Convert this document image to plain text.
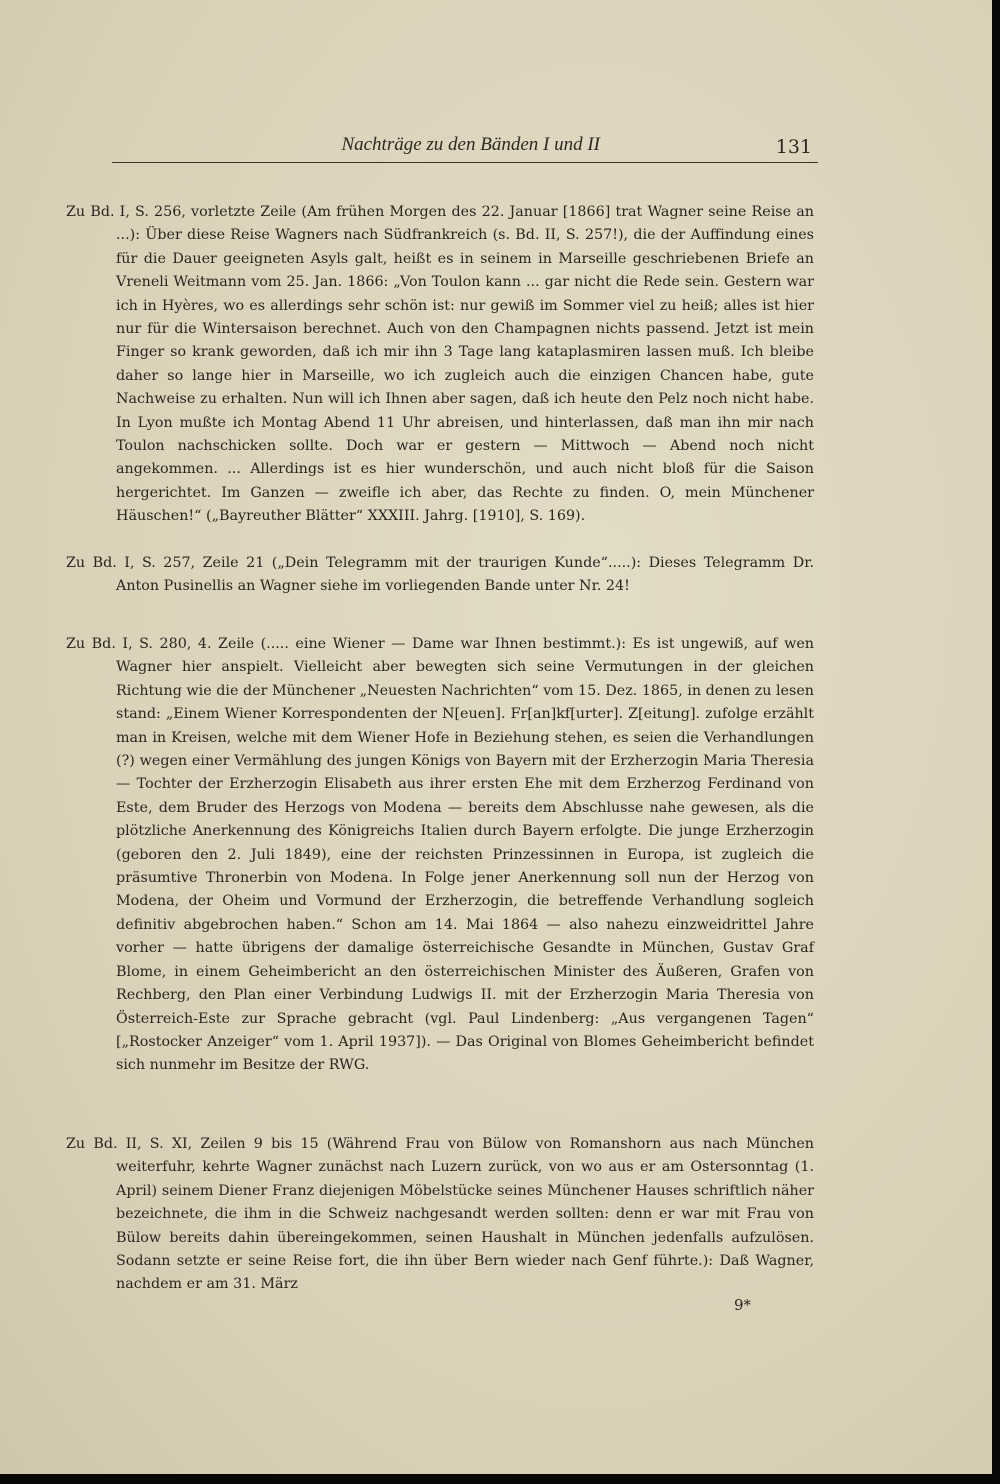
Nachträge zu den Bänden I und II	131

Zu Bd. I, S. 256, vorletzte Zeile (Am frühen Morgen des 22. Januar [1866] trat Wagner seine Reise an ...): Über diese Reise Wagners nach Südfrankreich (s. Bd. II, S. 257!), die der Auffindung eines für die Dauer geeigneten Asyls galt, heißt es in seinem in Marseille geschriebenen Briefe an Vreneli Weitmann vom 25. Jan. 1866: „Von Toulon kann ... gar nicht die Rede sein. Gestern war ich in Hyères, wo es allerdings sehr schön ist: nur gewiß im Sommer viel zu heiß; alles ist hier nur für die Wintersaison berechnet. Auch von den Champagnen nichts passend. Jetzt ist mein Finger so krank geworden, daß ich mir ihn 3 Tage lang kataplasmiren lassen muß. Ich bleibe daher so lange hier in Marseille, wo ich zugleich auch die einzigen Chancen habe, gute Nachweise zu erhalten. Nun will ich Ihnen aber sagen, daß ich heute den Pelz noch nicht habe. In Lyon mußte ich Montag Abend 11 Uhr abreisen, und hinterlassen, daß man ihn mir nach Toulon nachschicken sollte. Doch war er gestern — Mittwoch — Abend noch nicht angekommen. ... Allerdings ist es hier wunderschön, und auch nicht bloß für die Saison hergerichtet. Im Ganzen — zweifle ich aber, das Rechte zu finden. O, mein Münchener Häuschen!“ („Bayreuther Blätter“ XXXIII. Jahrg. [1910], S. 169).

Zu Bd. I, S. 257, Zeile 21 („Dein Telegramm mit der traurigen Kunde“.....): Dieses Telegramm Dr. Anton Pusinellis an Wagner siehe im vorliegenden Bande unter Nr. 24!

Zu Bd. I, S. 280, 4. Zeile (..... eine Wiener — Dame war Ihnen bestimmt.): Es ist ungewiß, auf wen Wagner hier anspielt. Vielleicht aber bewegten sich seine Vermutungen in der gleichen Richtung wie die der Münchener „Neuesten Nachrichten“ vom 15. Dez. 1865, in denen zu lesen stand: „Einem Wiener Korrespondenten der N[euen]. Fr[an]kf[urter]. Z[eitung]. zufolge erzählt man in Kreisen, welche mit dem Wiener Hofe in Beziehung stehen, es seien die Verhandlungen (?) wegen einer Vermählung des jungen Königs von Bayern mit der Erzherzogin Maria Theresia — Tochter der Erzherzogin Elisabeth aus ihrer ersten Ehe mit dem Erzherzog Ferdinand von Este, dem Bruder des Herzogs von Modena — bereits dem Abschlusse nahe gewesen, als die plötzliche Anerkennung des Königreichs Italien durch Bayern erfolgte. Die junge Erzherzogin (geboren den 2. Juli 1849), eine der reichsten Prinzessinnen in Europa, ist zugleich die präsumtive Thronerbin von Modena. In Folge jener Anerkennung soll nun der Herzog von Modena, der Oheim und Vormund der Erzherzogin, die betreffende Verhandlung sogleich definitiv abgebrochen haben.“ Schon am 14. Mai 1864 — also nahezu einzweidrittel Jahre vorher — hatte übrigens der damalige österreichische Gesandte in München, Gustav Graf Blome, in einem Geheimbericht an den österreichischen Minister des Äußeren, Grafen von Rechberg, den Plan einer Verbindung Ludwigs II. mit der Erzherzogin Maria Theresia von Österreich-Este zur Sprache gebracht (vgl. Paul Lindenberg: „Aus vergangenen Tagen“ [„Rostocker Anzeiger“ vom 1. April 1937]). — Das Original von Blomes Geheimbericht befindet sich nunmehr im Besitze der RWG.

Zu Bd. II, S. XI, Zeilen 9 bis 15 (Während Frau von Bülow von Romanshorn aus nach München weiterfuhr, kehrte Wagner zunächst nach Luzern zurück, von wo aus er am Ostersonntag (1. April) seinem Diener Franz diejenigen Möbelstücke seines Münchener Hauses schriftlich näher bezeichnete, die ihm in die Schweiz nachgesandt werden sollten: denn er war mit Frau von Bülow bereits dahin übereingekommen, seinen Haushalt in München jedenfalls aufzulösen. Sodann setzte er seine Reise fort, die ihn über Bern wieder nach Genf führte.): Daß Wagner, nachdem er am 31. März

9*
